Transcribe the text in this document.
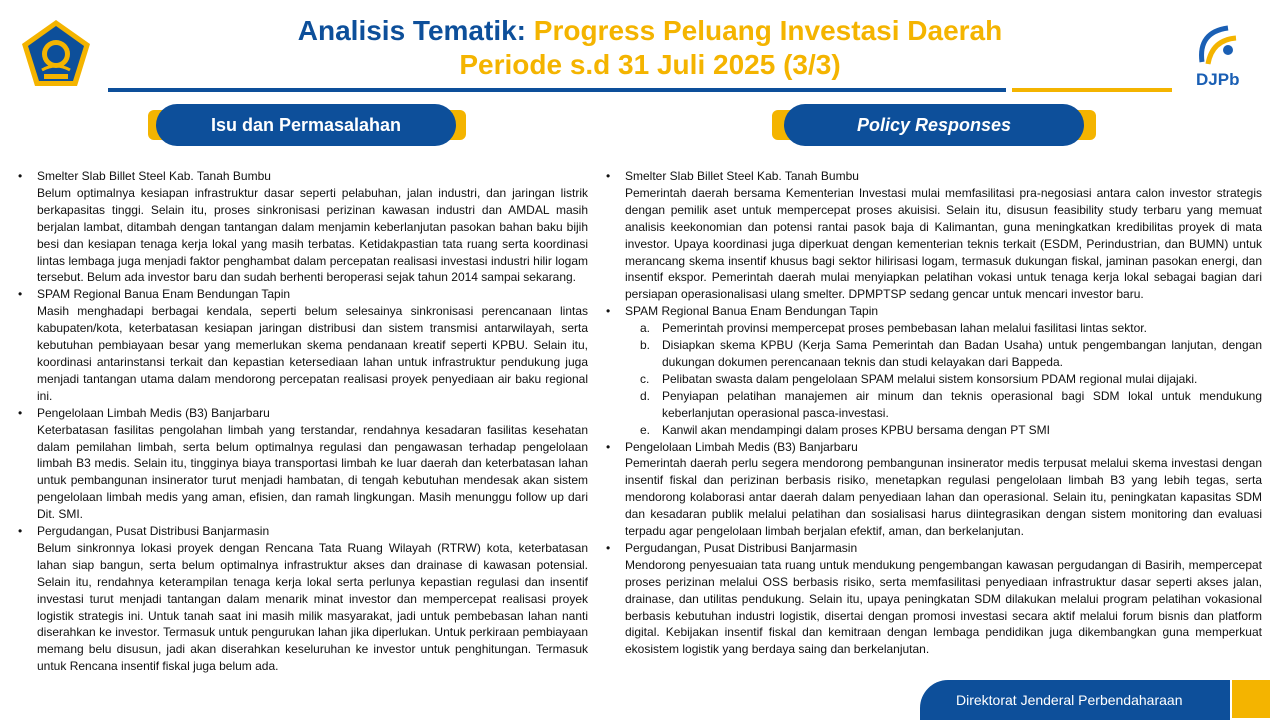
Analisis Tematik: Progress Peluang Investasi Daerah
Periode s.d 31 Juli 2025 (3/3)	DJPb
Isu dan Permasalahan	Policy Responses
• Smelter Slab Billet Steel Kab. Tanah Bumbu
Belum optimalnya kesiapan infrastruktur dasar seperti pelabuhan, jalan industri, dan jaringan listrik berkapasitas tinggi. Selain itu, proses sinkronisasi perizinan kawasan industri dan AMDAL masih berjalan lambat, ditambah dengan tantangan dalam menjamin keberlanjutan pasokan bahan baku bijih besi dan kesiapan tenaga kerja lokal yang masih terbatas. Ketidakpastian tata ruang serta koordinasi lintas lembaga juga menjadi faktor penghambat dalam percepatan realisasi investasi industri hilir logam tersebut. Belum ada investor baru dan sudah berhenti beroperasi sejak tahun 2014 sampai sekarang.
• SPAM Regional Banua Enam Bendungan Tapin
Masih menghadapi berbagai kendala, seperti belum selesainya sinkronisasi perencanaan lintas kabupaten/kota, keterbatasan kesiapan jaringan distribusi dan sistem transmisi antarwilayah, serta kebutuhan pembiayaan besar yang memerlukan skema pendanaan kreatif seperti KPBU. Selain itu, koordinasi antarinstansi terkait dan kepastian ketersediaan lahan untuk infrastruktur pendukung juga menjadi tantangan utama dalam mendorong percepatan realisasi proyek penyediaan air baku regional ini.
• Pengelolaan Limbah Medis (B3) Banjarbaru
Keterbatasan fasilitas pengolahan limbah yang terstandar, rendahnya kesadaran fasilitas kesehatan dalam pemilahan limbah, serta belum optimalnya regulasi dan pengawasan terhadap pengelolaan limbah B3 medis. Selain itu, tingginya biaya transportasi limbah ke luar daerah dan keterbatasan lahan untuk pembangunan insinerator turut menjadi hambatan, di tengah kebutuhan mendesak akan sistem pengelolaan limbah medis yang aman, efisien, dan ramah lingkungan. Masih menunggu follow up dari Dit. SMI.
• Pergudangan, Pusat Distribusi Banjarmasin
Belum sinkronnya lokasi proyek dengan Rencana Tata Ruang Wilayah (RTRW) kota, keterbatasan lahan siap bangun, serta belum optimalnya infrastruktur akses dan drainase di kawasan potensial. Selain itu, rendahnya keterampilan tenaga kerja lokal serta perlunya kepastian regulasi dan insentif investasi turut menjadi tantangan dalam menarik minat investor dan mempercepat realisasi proyek logistik strategis ini. Untuk tanah saat ini masih milik masyarakat, jadi untuk pembebasan lahan nanti diserahkan ke investor. Termasuk untuk pengurukan lahan jika diperlukan. Untuk perkiraan pembiayaan memang belu disusun, jadi akan diserahkan keseluruhan ke investor untuk penghitungan. Termasuk untuk Rencana insentif fiskal juga belum ada.
• Smelter Slab Billet Steel Kab. Tanah Bumbu
Pemerintah daerah bersama Kementerian Investasi mulai memfasilitasi pra-negosiasi antara calon investor strategis dengan pemilik aset untuk mempercepat proses akuisisi. Selain itu, disusun feasibility study terbaru yang memuat analisis keekonomian dan potensi rantai pasok baja di Kalimantan, guna meningkatkan kredibilitas proyek di mata investor. Upaya koordinasi juga diperkuat dengan kementerian teknis terkait (ESDM, Perindustrian, dan BUMN) untuk merancang skema insentif khusus bagi sektor hilirisasi logam, termasuk dukungan fiskal, jaminan pasokan energi, dan insentif ekspor. Pemerintah daerah mulai menyiapkan pelatihan vokasi untuk tenaga kerja lokal sebagai bagian dari persiapan operasionalisasi ulang smelter. DPMPTSP sedang gencar untuk mencari investor baru.
• SPAM Regional Banua Enam Bendungan Tapin
a. Pemerintah provinsi mempercepat proses pembebasan lahan melalui fasilitasi lintas sektor.
b. Disiapkan skema KPBU (Kerja Sama Pemerintah dan Badan Usaha) untuk pengembangan lanjutan, dengan dukungan dokumen perencanaan teknis dan studi kelayakan dari Bappeda.
c. Pelibatan swasta dalam pengelolaan SPAM melalui sistem konsorsium PDAM regional mulai dijajaki.
d. Penyiapan pelatihan manajemen air minum dan teknis operasional bagi SDM lokal untuk mendukung keberlanjutan operasional pasca-investasi.
e. Kanwil akan mendampingi dalam proses KPBU bersama dengan PT SMI
• Pengelolaan Limbah Medis (B3) Banjarbaru
Pemerintah daerah perlu segera mendorong pembangunan insinerator medis terpusat melalui skema investasi dengan insentif fiskal dan perizinan berbasis risiko, menetapkan regulasi pengelolaan limbah B3 yang lebih tegas, serta mendorong kolaborasi antar daerah dalam penyediaan lahan dan operasional. Selain itu, peningkatan kapasitas SDM dan kesadaran publik melalui pelatihan dan sosialisasi harus diintegrasikan dengan sistem monitoring dan evaluasi terpadu agar pengelolaan limbah berjalan efektif, aman, dan berkelanjutan.
• Pergudangan, Pusat Distribusi Banjarmasin
Mendorong penyesuaian tata ruang untuk mendukung pengembangan kawasan pergudangan di Basirih, mempercepat proses perizinan melalui OSS berbasis risiko, serta memfasilitasi penyediaan infrastruktur dasar seperti akses jalan, drainase, dan utilitas pendukung. Selain itu, upaya peningkatan SDM dilakukan melalui program pelatihan vokasional berbasis kebutuhan industri logistik, disertai dengan promosi investasi secara aktif melalui forum bisnis dan platform digital. Kebijakan insentif fiskal dan kemitraan dengan lembaga pendidikan juga dikembangkan guna memperkuat ekosistem logistik yang berdaya saing dan berkelanjutan.
Direktorat Jenderal Perbendaharaan
